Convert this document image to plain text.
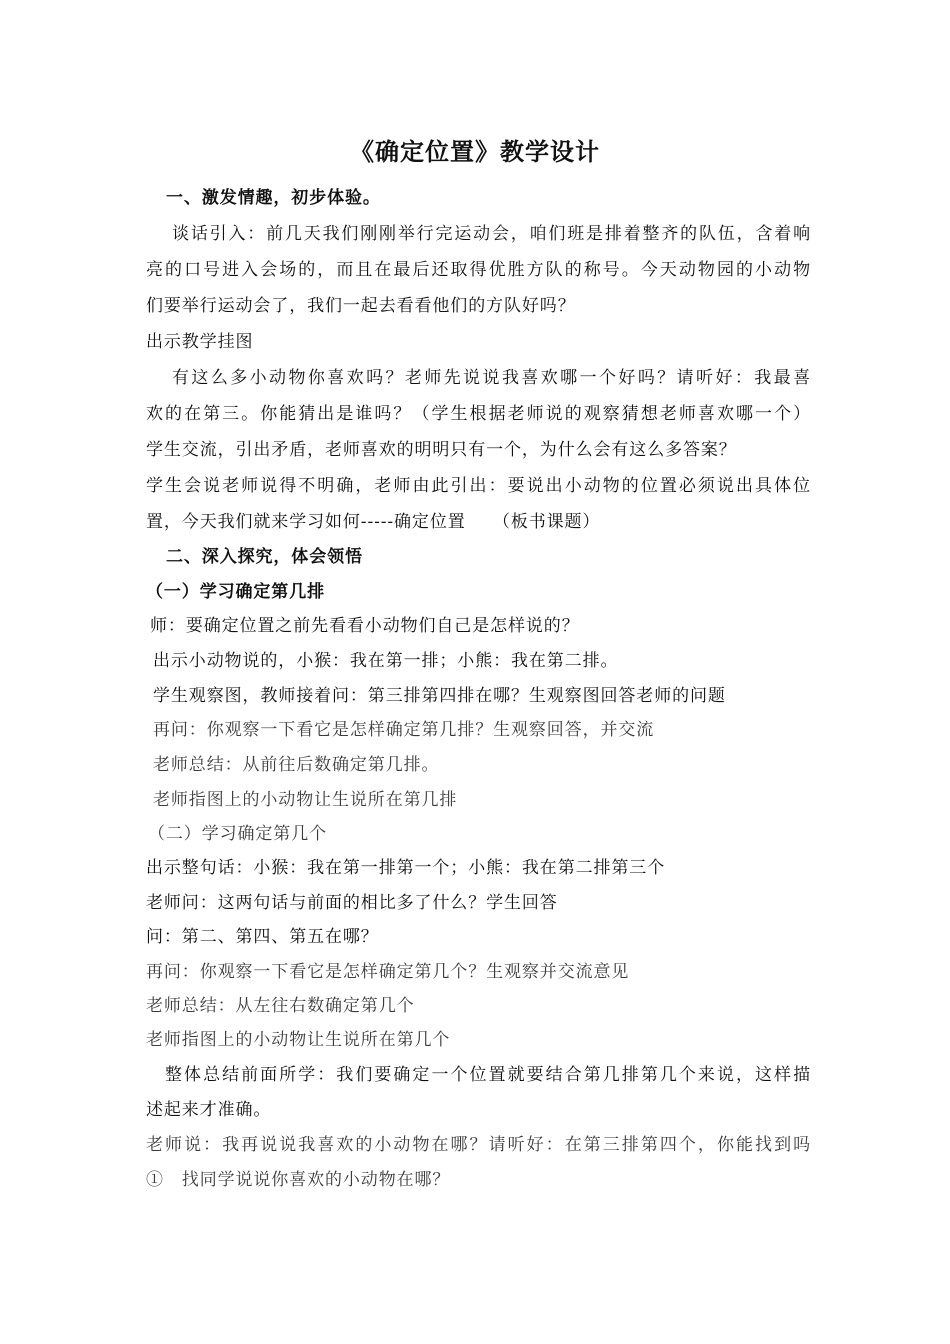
《确定位置》教学设计
一、激发情趣，初步体验。
谈话引入：前几天我们刚刚举行完运动会，咱们班是排着整齐的队伍，含着响
亮的口号进入会场的，而且在最后还取得优胜方队的称号。今天动物园的小动物
们要举行运动会了，我们一起去看看他们的方队好吗？
出示教学挂图
有这么多小动物你喜欢吗？老师先说说我喜欢哪一个好吗？请听好：我最喜
欢的在第三。你能猜出是谁吗？（学生根据老师说的观察猜想老师喜欢哪一个）
学生交流，引出矛盾，老师喜欢的明明只有一个，为什么会有这么多答案？
学生会说老师说得不明确，老师由此引出：要说出小动物的位置必须说出具体位
置，今天我们就来学习如何-----确定位置　　（板书课题）
二、深入探究，体会领悟
（一）学习确定第几排
师：要确定位置之前先看看小动物们自己是怎样说的？
出示小动物说的，小猴：我在第一排；小熊：我在第二排。
学生观察图，教师接着问：第三排第四排在哪？生观察图回答老师的问题
再问：你观察一下看它是怎样确定第几排？生观察回答，并交流
老师总结：从前往后数确定第几排。
老师指图上的小动物让生说所在第几排
（二）学习确定第几个
出示整句话：小猴：我在第一排第一个；小熊：我在第二排第三个
老师问：这两句话与前面的相比多了什么？学生回答
问：第二、第四、第五在哪？
再问：你观察一下看它是怎样确定第几个？生观察并交流意见
老师总结：从左往右数确定第几个
老师指图上的小动物让生说所在第几个
整体总结前面所学：我们要确定一个位置就要结合第几排第几个来说，这样描
述起来才准确。
老师说：我再说说我喜欢的小动物在哪？请听好：在第三排第四个，你能找到吗
①　找同学说说你喜欢的小动物在哪？
